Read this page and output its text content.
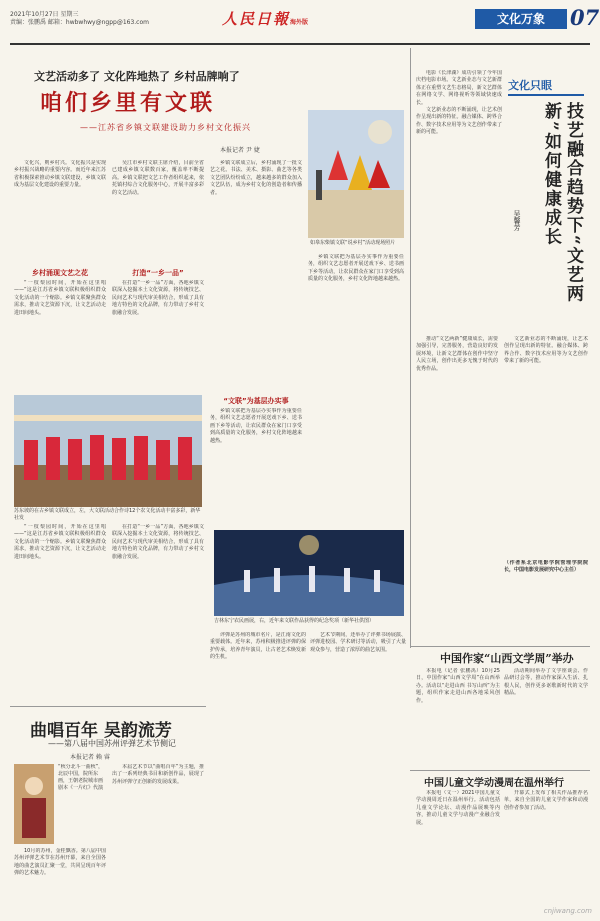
2021年10月27日 星期三
责编：张鹏禹 邮箱：hwbwhwy@ngpp@163.com	人民日報海外版	文化万象	07
文艺活动多了 文化阵地热了 乡村品牌响了
咱们乡里有文联
——江苏省乡镇文联建设助力乡村文化振兴
本报记者 尹 婕

文化兴，则乡村兴。文化振兴是实现乡村振兴战略的重要内容。而近年来江苏省积极探索推动乡镇文联建设，乡镇文联成为基层文化建设的重要力量。

乡村涌现文艺之花

“一枝梨园时间，开始在这里唱——”这是江苏省乡镇文联积极组织群众文化活动的一个缩影。乡镇文联聚焦群众需求，推动文艺资源下沉，让文艺活动走进田间地头。

吴江市乡村文联主席介绍，目前全省已建成乡镇文联数百家，覆盖率不断提高。乡镇文联把文艺工作者组织起来，依托镇村综合文化服务中心，开展丰富多彩的文艺活动。

打造“一乡一品”

在打造“一乡一品”方面，各地乡镇文联深入挖掘本土文化资源，将传统技艺、民间艺术与现代审美相结合，形成了具有地方特色的文化品牌，有力带动了乡村文旅融合发展。

乡镇文联成立后，乡村涌现了一批文艺之花。书法、美术、摄影、曲艺等各类文艺团队纷纷成立，越来越多的群众加入文艺队伍，成为乡村文化的创造者和传播者。

如皋东柴镇文联“说乡村”活动现场照片

乡镇文联把为基层办实事作为重要任务，组织文艺志愿者开展送戏下乡、送书画下乡等活动，让农民群众在家门口享受到高质量的文化服务，乡村文化阵地越来越热。

苏东坡的在古乡镇文联成立，左，大文联活动合作诗12个农文化活动丰富多彩，新华社发

“一枝梨园时间，开始在这里唱——”这是江苏省乡镇文联积极组织群众文化活动的一个缩影。乡镇文联聚焦群众需求，推动文艺资源下沉，让文艺活动走进田间地头。

在打造“一乡一品”方面，各地乡镇文联深入挖掘本土文化资源，将传统技艺、民间艺术与现代审美相结合，形成了具有地方特色的文化品牌，有力带动了乡村文旅融合发展。

“文联”为基层办实事

乡镇文联把为基层办实事作为重要任务，组织文艺志愿者开展送戏下乡、送书画下乡等活动，让农民群众在家门口享受到高质量的文化服务，乡村文化阵地越来越热。

吉林东宁农民画展，右，近年来文联作品获得的纪念奖项（新华社供图）
文化只眼
技艺融合趋势下“文艺两新”如何健康成长
吴馨芳

电影《长津湖》成功引领了今年国庆档电影市场。文艺新业态与文艺新群体正在重塑文艺生态格局，新文艺群体在网络文学、网络视听等领域快速成长。

文艺新业态的不断涌现，让艺术创作呈现出新的特征。融合媒体、跨界合作、数字技术应用等为文艺创作带来了新的可能。

推动“文艺两新”健康成长，需要加强引导，完善服务，营造良好的发展环境，让新文艺群体在创作中坚守人民立场，创作出更多无愧于时代的优秀作品。

文艺新业态的不断涌现，让艺术创作呈现出新的特征。融合媒体、跨界合作、数字技术应用等为文艺创作带来了新的可能。

（作者系北京电影学院管理学院院长，中国电影发展研究中心主任）
中国作家“山西文学周”举办

本报电（记者 张鹏禹）10月25日，中国作家“山西文学周”在山西举办。活动以“走进山西 书写山西”为主题，组织作家走进山西各地采风创作。

活动期间举办了文学座谈会、作品研讨会等，推动作家深入生活、扎根人民，创作更多讴歌新时代的文学精品。

中国儿童文学动漫周在温州举行

本报电（文一）2021中国儿童文学动漫周近日在温州举行。活动包括儿童文学论坛、动漫作品展映等内容，推动儿童文学与动漫产业融合发展。

开幕式上发布了相关作品推荐名单，来自全国的儿童文学作家和动漫创作者参加了活动。

曲唱百年 吴韵流芳
——第八届中国苏州评弹艺术节侧记
本报记者 赖 睿
“秋分北斗一曲秋”，北辰中国，院所东画，王朝老院城市画剧本《一片红》代演

10月的苏州，金桂飘香。第八届中国苏州评弹艺术节在苏州开幕，来自全国各地的曲艺演员汇聚一堂，共同呈现百年评弹的艺术魅力。

本届艺术节以“曲唱百年”为主题，推出了一系列经典书目和新创作品，展现了苏州评弹守正创新的发展成果。

评弹是苏州的城市名片，是江南文化的重要载体。近年来，苏州积极推进评弹的保护传承，培养青年演员，让古老艺术焕发新的生机。

艺术节期间，还举办了评弹书场展演、评弹进校园、学术研讨等活动，吸引了大量观众参与，营造了浓厚的曲艺氛围。

cnjiwang.com
